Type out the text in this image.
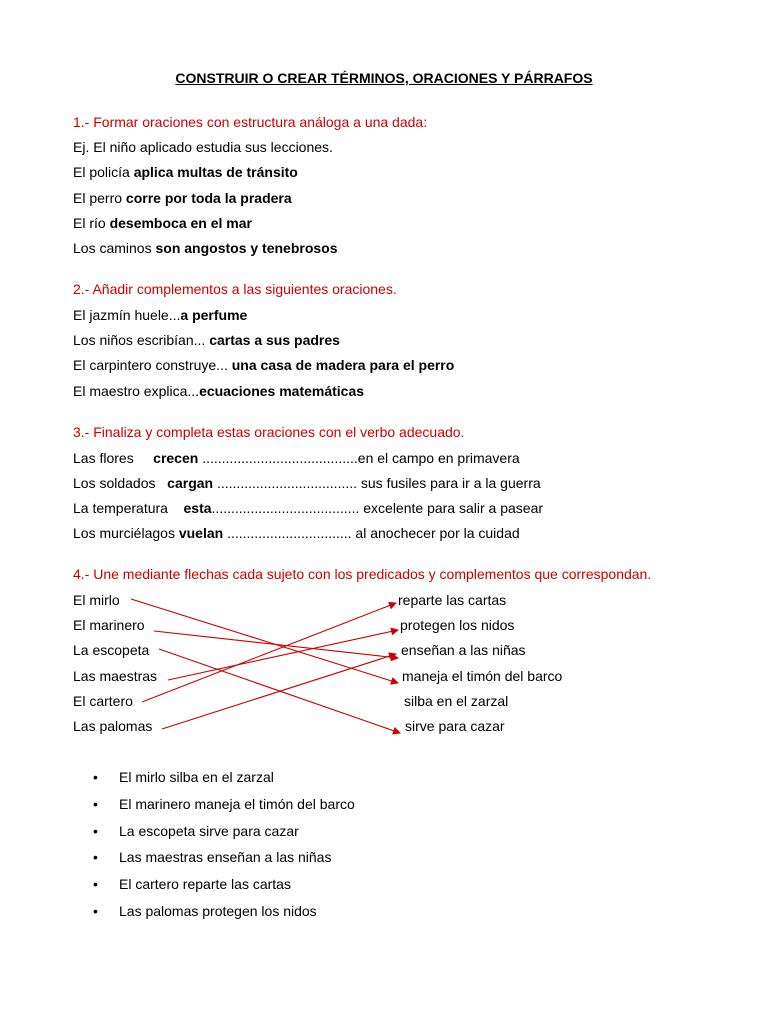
CONSTRUIR O CREAR TÉRMINOS, ORACIONES Y PÁRRAFOS
1.- Formar oraciones con estructura análoga a una dada:
Ej. El niño aplicado estudia sus lecciones.
El policía aplica multas de tránsito
El perro corre por toda la pradera
El río desemboca en el mar
Los caminos son angostos y tenebrosos
2.- Añadir complementos a las siguientes oraciones.
El jazmín huele...a perfume
Los niños escribían... cartas a sus padres
El carpintero construye... una casa de madera para el perro
El maestro explica...ecuaciones matemáticas
3.- Finaliza y completa estas oraciones con el verbo adecuado.
Las flores     crecen ........................................en el campo en primavera
Los soldados   cargan .................................... sus fusiles para ir a la guerra
La temperatura    esta...................................... excelente para salir a pasear
Los murciélagos vuelan ................................ al anochecer por la cuidad
4.- Une mediante flechas cada sujeto con los predicados y complementos que correspondan.
El mirlo
El marinero
La escopeta
Las maestras
El cartero
Las palomas
reparte las cartas
protegen los nidos
enseñan a las niñas
maneja el timón del barco
silba en el zarzal
sirve para cazar
• El mirlo silba en el zarzal
• El marinero maneja el timón del barco
• La escopeta sirve para cazar
• Las maestras enseñan a las niñas
• El cartero reparte las cartas
• Las palomas protegen los nidos
